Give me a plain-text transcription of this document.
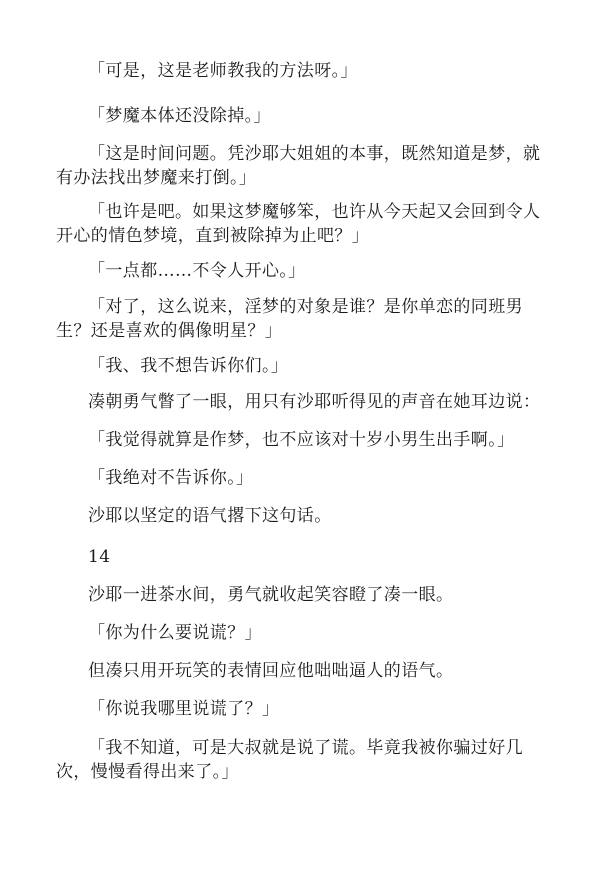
「可是，这是老师教我的方法呀。」

「梦魔本体还没除掉。」

「这是时间问题。凭沙耶大姐姐的本事，既然知道是梦，就有办法找出梦魔来打倒。」

「也许是吧。如果这梦魔够笨，也许从今天起又会回到令人开心的情色梦境，直到被除掉为止吧？」

「一点都……不令人开心。」

「对了，这么说来，淫梦的对象是谁？是你单恋的同班男生？还是喜欢的偶像明星？」

「我、我不想告诉你们。」

凑朝勇气瞥了一眼，用只有沙耶听得见的声音在她耳边说：

「我觉得就算是作梦，也不应该对十岁小男生出手啊。」

「我绝对不告诉你。」

沙耶以坚定的语气撂下这句话。

14

沙耶一进茶水间，勇气就收起笑容瞪了凑一眼。

「你为什么要说谎？」

但凑只用开玩笑的表情回应他咄咄逼人的语气。

「你说我哪里说谎了？」

「我不知道，可是大叔就是说了谎。毕竟我被你骗过好几次，慢慢看得出来了。」
